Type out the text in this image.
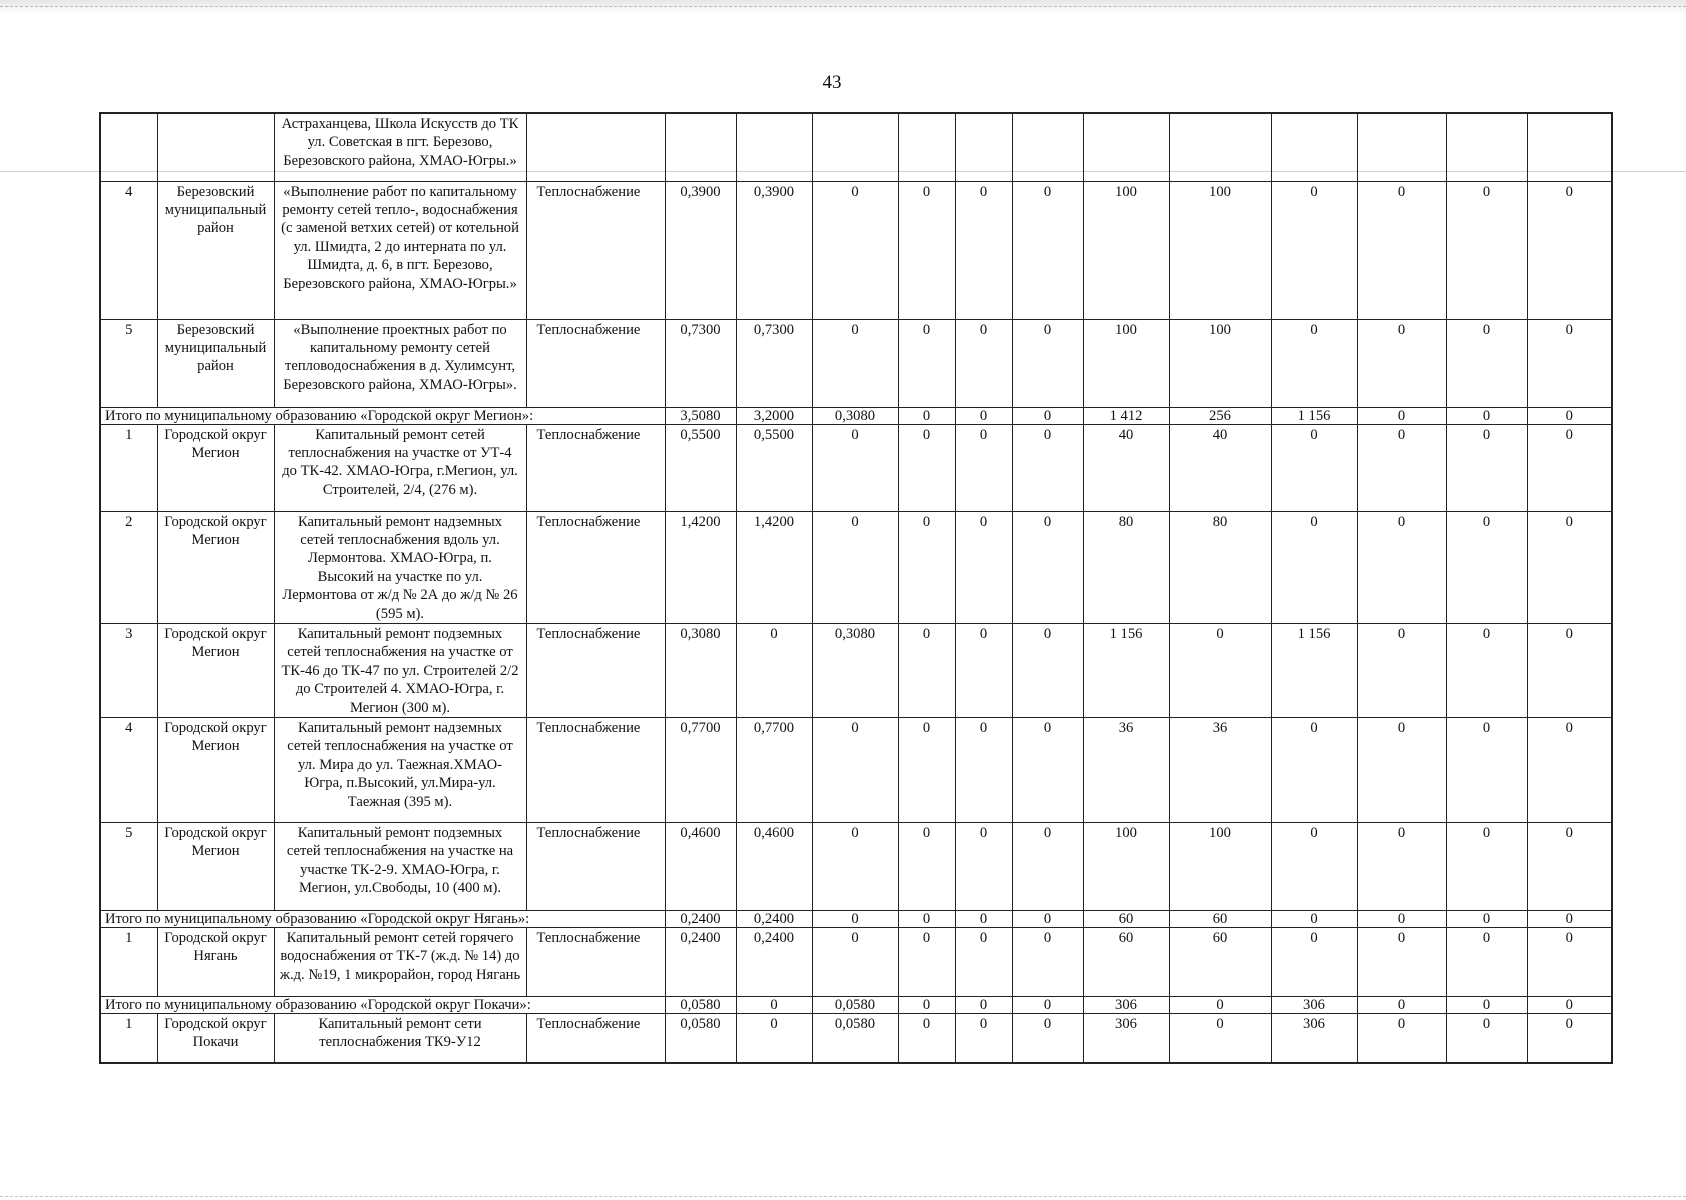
43
		Астраханцева, Школа Искусств до ТК ул. Советская в пгт. Березово, Березовского района, ХМАО-Югры.»													
4	Березовский муниципальный район	«Выполнение работ по капитальному ремонту сетей тепло-, водоснабжения (с заменой ветхих сетей) от котельной ул. Шмидта, 2 до интерната по ул. Шмидта, д. 6, в пгт. Березово, Березовского района, ХМАО-Югры.»	Теплоснабжение	0,3900	0,3900	0	0	0	0	100	100	0	0	0	0
5	Березовский муниципальный район	«Выполнение проектных работ по капитальному ремонту сетей тепловодоснабжения в д. Хулимсунт, Березовского района, ХМАО-Югры».	Теплоснабжение	0,7300	0,7300	0	0	0	0	100	100	0	0	0	0
Итого по муниципальному образованию «Городской округ Мегион»:				3,5080	3,2000	0,3080	0	0	0	1 412	256	1 156	0	0	0
1	Городской округ Мегион	Капитальный ремонт сетей теплоснабжения на участке от УТ-4 до ТК-42. ХМАО-Югра, г.Мегион, ул. Строителей, 2/4, (276 м).	Теплоснабжение	0,5500	0,5500	0	0	0	0	40	40	0	0	0	0
2	Городской округ Мегион	Капитальный ремонт надземных сетей теплоснабжения вдоль ул. Лермонтова. ХМАО-Югра, п. Высокий на участке по ул. Лермонтова от ж/д № 2А до ж/д № 26 (595 м).	Теплоснабжение	1,4200	1,4200	0	0	0	0	80	80	0	0	0	0
3	Городской округ Мегион	Капитальный ремонт подземных сетей теплоснабжения на участке от ТК-46 до ТК-47 по ул. Строителей 2/2 до Строителей 4. ХМАО-Югра, г. Мегион (300 м).	Теплоснабжение	0,3080	0	0,3080	0	0	0	1 156	0	1 156	0	0	0
4	Городской округ Мегион	Капитальный ремонт надземных сетей теплоснабжения на участке от ул. Мира до ул. Таежная.ХМАО-Югра, п.Высокий, ул.Мира-ул. Таежная (395 м).	Теплоснабжение	0,7700	0,7700	0	0	0	0	36	36	0	0	0	0
5	Городской округ Мегион	Капитальный ремонт подземных сетей теплоснабжения на участке на участке ТК-2-9. ХМАО-Югра, г. Мегион, ул.Свободы, 10 (400 м).	Теплоснабжение	0,4600	0,4600	0	0	0	0	100	100	0	0	0	0
Итого по муниципальному образованию «Городской округ Нягань»:				0,2400	0,2400	0	0	0	0	60	60	0	0	0	0
1	Городской округ Нягань	Капитальный ремонт сетей горячего водоснабжения от ТК-7 (ж.д. № 14) до ж.д. №19, 1 микрорайон, город Нягань	Теплоснабжение	0,2400	0,2400	0	0	0	0	60	60	0	0	0	0
Итого по муниципальному образованию «Городской округ Покачи»:				0,0580	0	0,0580	0	0	0	306	0	306	0	0	0
1	Городской округ Покачи	Капитальный ремонт сети теплоснабжения ТК9-У12	Теплоснабжение	0,0580	0	0,0580	0	0	0	306	0	306	0	0	0
